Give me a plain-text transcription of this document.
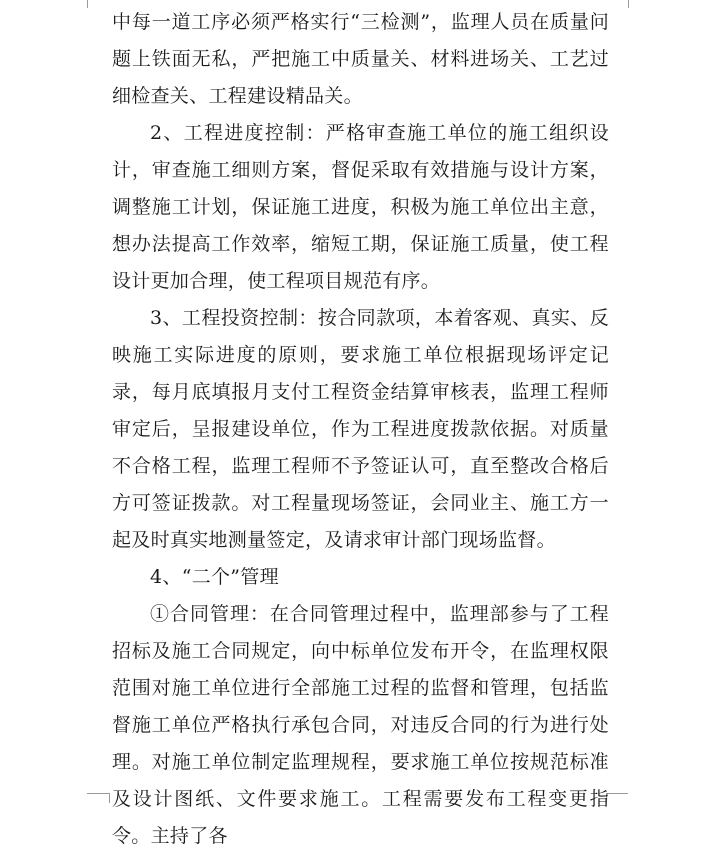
中每一道工序必须严格实行“三检测”，监理人员在质量问题上铁面无私，严把施工中质量关、材料进场关、工艺过细检查关、工程建设精品关。

2、工程进度控制：严格审查施工单位的施工组织设计，审查施工细则方案，督促采取有效措施与设计方案，调整施工计划，保证施工进度，积极为施工单位出主意，想办法提高工作效率，缩短工期，保证施工质量，使工程设计更加合理，使工程项目规范有序。

3、工程投资控制：按合同款项，本着客观、真实、反映施工实际进度的原则，要求施工单位根据现场评定记录，每月底填报月支付工程资金结算审核表，监理工程师审定后，呈报建设单位，作为工程进度拨款依据。对质量不合格工程，监理工程师不予签证认可，直至整改合格后方可签证拨款。对工程量现场签证，会同业主、施工方一起及时真实地测量签定，及请求审计部门现场监督。

4、“二个”管理

①合同管理：在合同管理过程中，监理部参与了工程招标及施工合同规定，向中标单位发布开令，在监理权限范围对施工单位进行全部施工过程的监督和管理，包括监督施工单位严格执行承包合同，对违反合同的行为进行处理。对施工单位制定监理规程，要求施工单位按规范标准及设计图纸、文件要求施工。工程需要发布工程变更指令。主持了各
